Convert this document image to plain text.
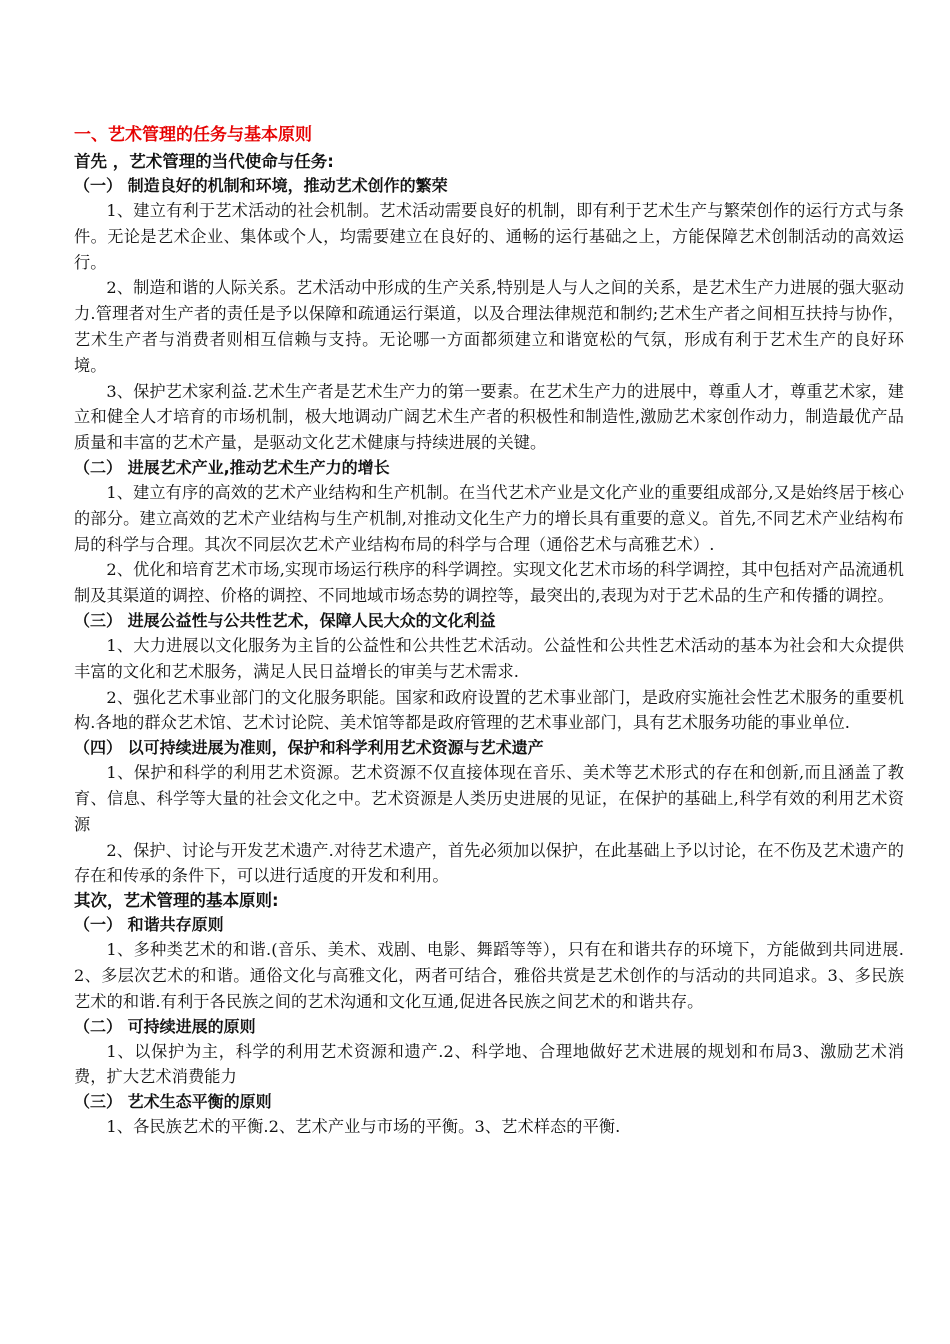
一、艺术管理的任务与基本原则
首先 ，艺术管理的当代使命与任务:
（一） 制造良好的机制和环境，推动艺术创作的繁荣

1、建立有利于艺术活动的社会机制。艺术活动需要良好的机制，即有利于艺术生产与繁荣创作的运行方式与条件。无论是艺术企业、集体或个人，均需要建立在良好的、通畅的运行基础之上，方能保障艺术创制活动的高效运行。

2、制造和谐的人际关系。艺术活动中形成的生产关系,特别是人与人之间的关系，是艺术生产力进展的强大驱动力.管理者对生产者的责任是予以保障和疏通运行渠道，以及合理法律规范和制约;艺术生产者之间相互扶持与协作，艺术生产者与消费者则相互信赖与支持。无论哪一方面都须建立和谐宽松的气氛，形成有利于艺术生产的良好环境。

3、保护艺术家利益.艺术生产者是艺术生产力的第一要素。在艺术生产力的进展中，尊重人才，尊重艺术家，建立和健全人才培育的市场机制，极大地调动广阔艺术生产者的积极性和制造性,激励艺术家创作动力，制造最优产品质量和丰富的艺术产量，是驱动文化艺术健康与持续进展的关键。

（二） 进展艺术产业,推动艺术生产力的增长

1、建立有序的高效的艺术产业结构和生产机制。在当代艺术产业是文化产业的重要组成部分,又是始终居于核心的部分。建立高效的艺术产业结构与生产机制,对推动文化生产力的增长具有重要的意义。首先,不同艺术产业结构布局的科学与合理。其次不同层次艺术产业结构布局的科学与合理（通俗艺术与高雅艺术）.

2、优化和培育艺术市场,实现市场运行秩序的科学调控。实现文化艺术市场的科学调控，其中包括对产品流通机制及其渠道的调控、价格的调控、不同地域市场态势的调控等，最突出的,表现为对于艺术品的生产和传播的调控。

（三） 进展公益性与公共性艺术，保障人民大众的文化利益

1、大力进展以文化服务为主旨的公益性和公共性艺术活动。公益性和公共性艺术活动的基本为社会和大众提供丰富的文化和艺术服务，满足人民日益增长的审美与艺术需求.

2、强化艺术事业部门的文化服务职能。国家和政府设置的艺术事业部门，是政府实施社会性艺术服务的重要机构.各地的群众艺术馆、艺术讨论院、美术馆等都是政府管理的艺术事业部门，具有艺术服务功能的事业单位.

（四） 以可持续进展为准则，保护和科学利用艺术资源与艺术遗产

1、保护和科学的利用艺术资源。艺术资源不仅直接体现在音乐、美术等艺术形式的存在和创新,而且涵盖了教育、信息、科学等大量的社会文化之中。艺术资源是人类历史进展的见证，在保护的基础上,科学有效的利用艺术资源

2、保护、讨论与开发艺术遗产.对待艺术遗产，首先必须加以保护，在此基础上予以讨论，在不伤及艺术遗产的存在和传承的条件下，可以进行适度的开发和利用。

其次，艺术管理的基本原则:
（一） 和谐共存原则

1、多种类艺术的和谐.(音乐、美术、戏剧、电影、舞蹈等等），只有在和谐共存的环境下，方能做到共同进展. 2、多层次艺术的和谐。通俗文化与高雅文化，两者可结合，雅俗共赏是艺术创作的与活动的共同追求。3、多民族艺术的和谐.有利于各民族之间的艺术沟通和文化互通,促进各民族之间艺术的和谐共存。

（二） 可持续进展的原则

1、以保护为主，科学的利用艺术资源和遗产.2、科学地、合理地做好艺术进展的规划和布局3、激励艺术消费，扩大艺术消费能力

（三） 艺术生态平衡的原则

1、各民族艺术的平衡.2、艺术产业与市场的平衡。3、艺术样态的平衡.
